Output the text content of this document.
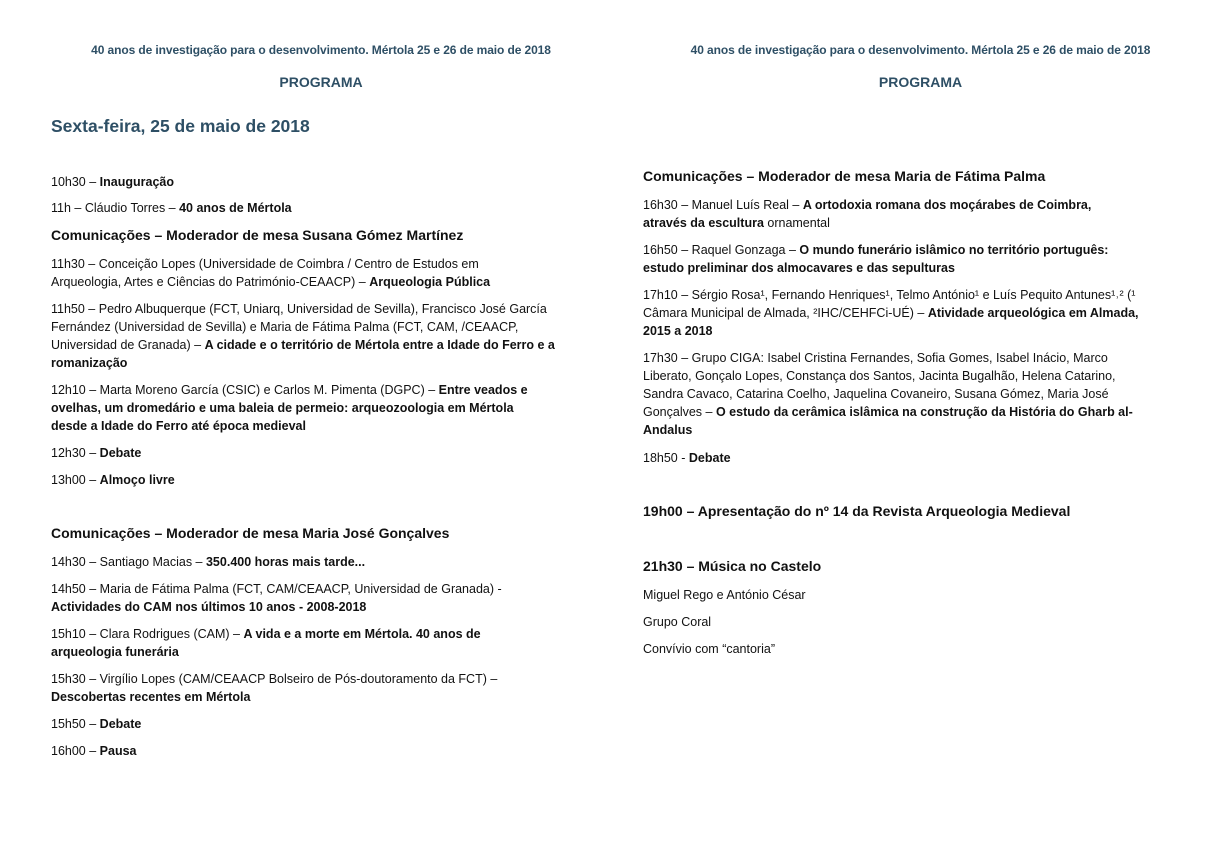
40 anos de investigação para o desenvolvimento. Mértola 25 e 26 de maio de 2018
PROGRAMA
Sexta-feira, 25 de maio de 2018
10h30 – Inauguração
11h – Cláudio Torres – 40 anos de Mértola
Comunicações – Moderador de mesa Susana Gómez Martínez
11h30 – Conceição Lopes (Universidade de Coimbra / Centro de Estudos em Arqueologia, Artes e Ciências do Património-CEAACP) – Arqueologia Pública
11h50 – Pedro Albuquerque (FCT, Uniarq, Universidad de Sevilla), Francisco José García Fernández (Universidad de Sevilla) e Maria de Fátima Palma (FCT, CAM, /CEAACP, Universidad de Granada) – A cidade e o território de Mértola entre a Idade do Ferro e a romanização
12h10 – Marta Moreno García (CSIC) e Carlos M. Pimenta (DGPC) – Entre veados e ovelhas, um dromedário e uma baleia de permeio: arqueozoologia em Mértola desde a Idade do Ferro até época medieval
12h30 – Debate
13h00 – Almoço livre
Comunicações – Moderador de mesa Maria José Gonçalves
14h30 – Santiago Macias – 350.400 horas mais tarde...
14h50 – Maria de Fátima Palma (FCT, CAM/CEAACP, Universidad de Granada) - Actividades do CAM nos últimos 10 anos - 2008-2018
15h10 – Clara Rodrigues (CAM) – A vida e a morte em Mértola. 40 anos de arqueologia funerária
15h30 – Virgílio Lopes (CAM/CEAACP Bolseiro de Pós-doutoramento da FCT) – Descobertas recentes em Mértola
15h50 – Debate
16h00 – Pausa
40 anos de investigação para o desenvolvimento. Mértola 25 e 26 de maio de 2018
PROGRAMA
Comunicações – Moderador de mesa Maria de Fátima Palma
16h30 – Manuel Luís Real – A ortodoxia romana dos moçárabes de Coimbra, através da escultura ornamental
16h50 – Raquel Gonzaga – O mundo funerário islâmico no território português: estudo preliminar dos almocavares e das sepulturas
17h10 – Sérgio Rosa¹, Fernando Henriques¹, Telmo António¹ e Luís Pequito Antunes¹˒² (¹ Câmara Municipal de Almada, ²IHC/CEHFCi-UÉ) – Atividade arqueológica em Almada, 2015 a 2018
17h30 – Grupo CIGA: Isabel Cristina Fernandes, Sofia Gomes, Isabel Inácio, Marco Liberato, Gonçalo Lopes, Constança dos Santos, Jacinta Bugalhão, Helena Catarino, Sandra Cavaco, Catarina Coelho, Jaquelina Covaneiro, Susana Gómez, Maria José Gonçalves – O estudo da cerâmica islâmica na construção da História do Gharb al-Andalus
18h50 - Debate
19h00 – Apresentação do nº 14 da Revista Arqueologia Medieval
21h30 – Música no Castelo
Miguel Rego e António César
Grupo Coral
Convívio com “cantoria”
